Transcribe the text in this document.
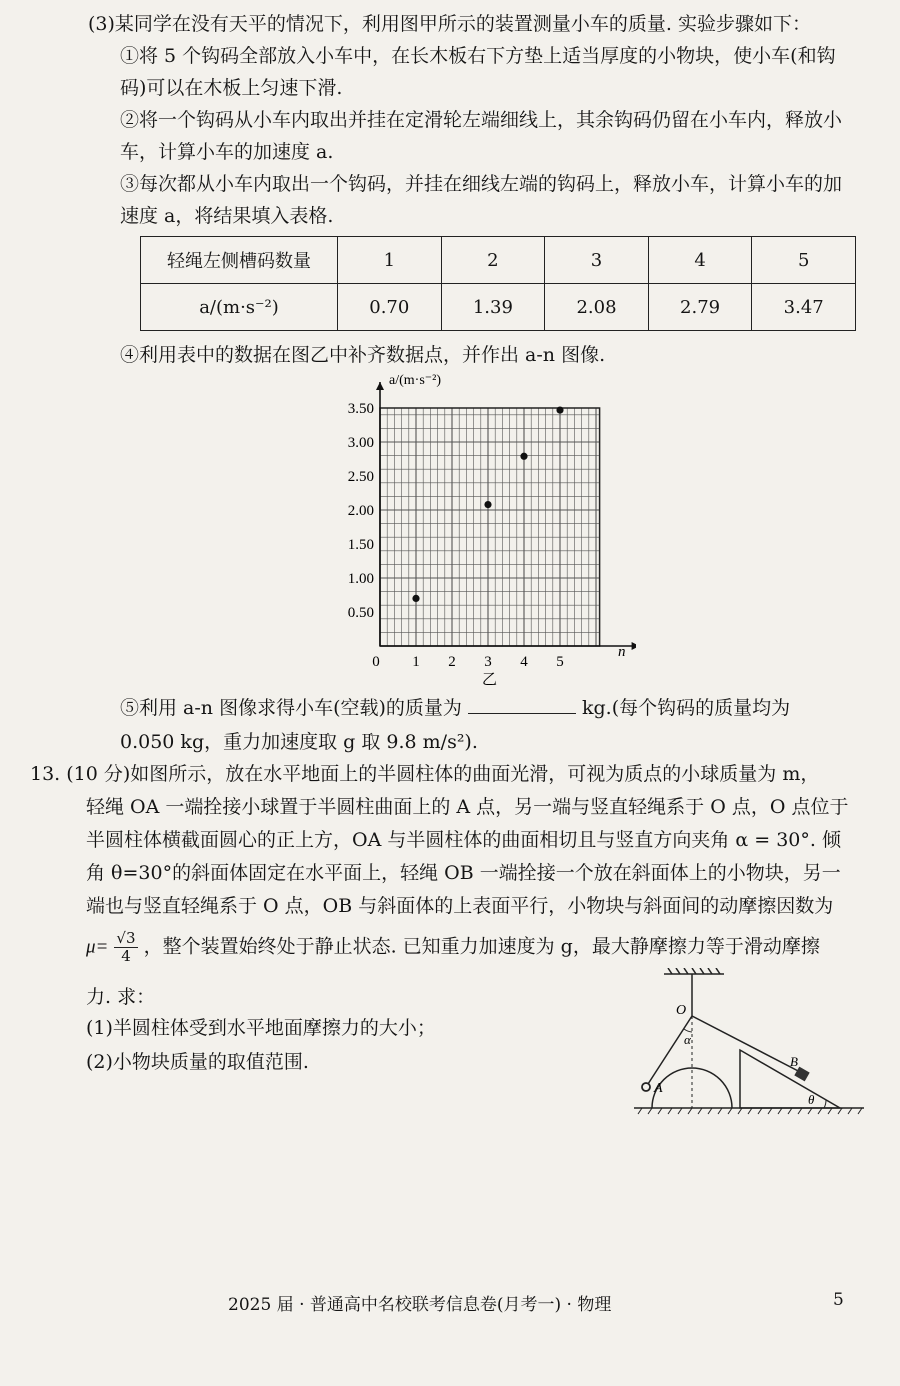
(3)某同学在没有天平的情况下，利用图甲所示的装置测量小车的质量. 实验步骤如下：
①将 5 个钩码全部放入小车中，在长木板右下方垫上适当厚度的小物块，使小车(和钩
码)可以在木板上匀速下滑.
②将一个钩码从小车内取出并挂在定滑轮左端细线上，其余钩码仍留在小车内，释放小
车，计算小车的加速度 a.
③每次都从小车内取出一个钩码，并挂在细线左端的钩码上，释放小车，计算小车的加
速度 a，将结果填入表格.
轻绳左侧槽码数量	1	2	3	4	5
a/(m·s⁻²)	0.70	1.39	2.08	2.79	3.47
④利用表中的数据在图乙中补齐数据点，并作出 a-n 图像.
0.50
1.00
1.50
2.00
2.50
3.00
3.50
0 1 2 3 4 5
a/(m·s⁻²)
n
乙
⑤利用 a-n 图像求得小车(空载)的质量为	kg.(每个钩码的质量均为
0.050 kg，重力加速度取 g 取 9.8 m/s²).
13. (10 分)如图所示，放在水平地面上的半圆柱体的曲面光滑，可视为质点的小球质量为 m，
轻绳 OA 一端拴接小球置于半圆柱曲面上的 A 点，另一端与竖直轻绳系于 O 点，O 点位于
半圆柱体横截面圆心的正上方，OA 与半圆柱体的曲面相切且与竖直方向夹角 α = 30°. 倾
角 θ=30°的斜面体固定在水平面上，轻绳 OB 一端拴接一个放在斜面体上的小物块，另一
端也与竖直轻绳系于 O 点，OB 与斜面体的上表面平行，小物块与斜面间的动摩擦因数为
$\mu= \frac{√3}{4}$ ，整个装置始终处于静止状态. 已知重力加速度为 g，最大静摩擦力等于滑动摩擦
力. 求：
(1)半圆柱体受到水平地面摩擦力的大小；
(2)小物块质量的取值范围.
O
A
B
α
θ
2025 届 · 普通高中名校联考信息卷(月考一) · 物理	5
